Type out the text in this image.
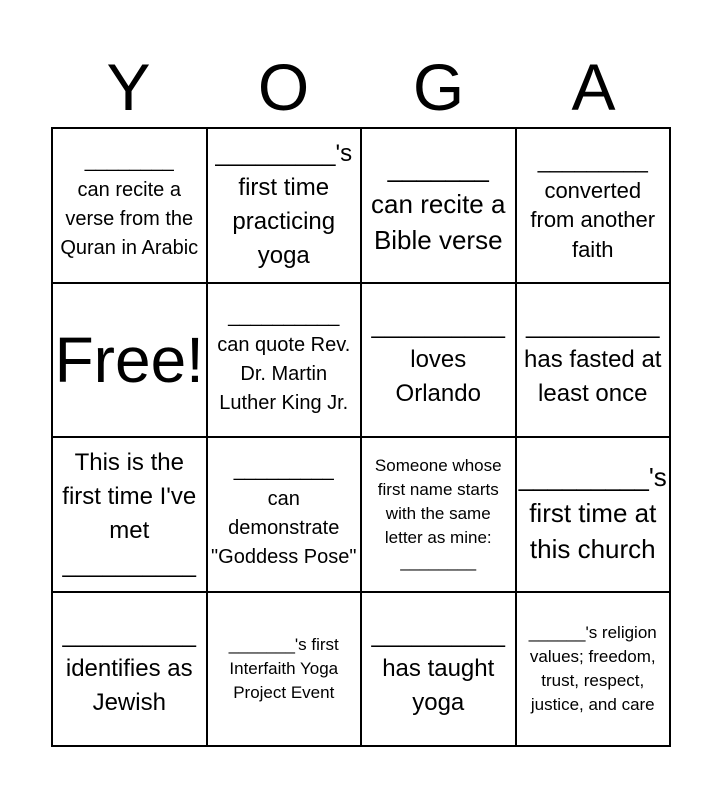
Y	O	G	A
________
can recite a verse from the Quran in Arabic
_________'s first time practicing yoga
_______
can recite a Bible verse
_________
converted from another faith
Free!
__________
can quote Rev. Dr. Martin Luther King Jr.
__________
loves Orlando
__________
has fasted at least once
This is the first time I've met __________
_________
can demonstrate "Goddess Pose"
Someone whose first name starts with the same letter as mine: ________
_________'s first time at this church
__________
identifies as Jewish
_______'s first Interfaith Yoga Project Event
__________
has taught yoga
______'s religion values; freedom, trust, respect, justice, and care
